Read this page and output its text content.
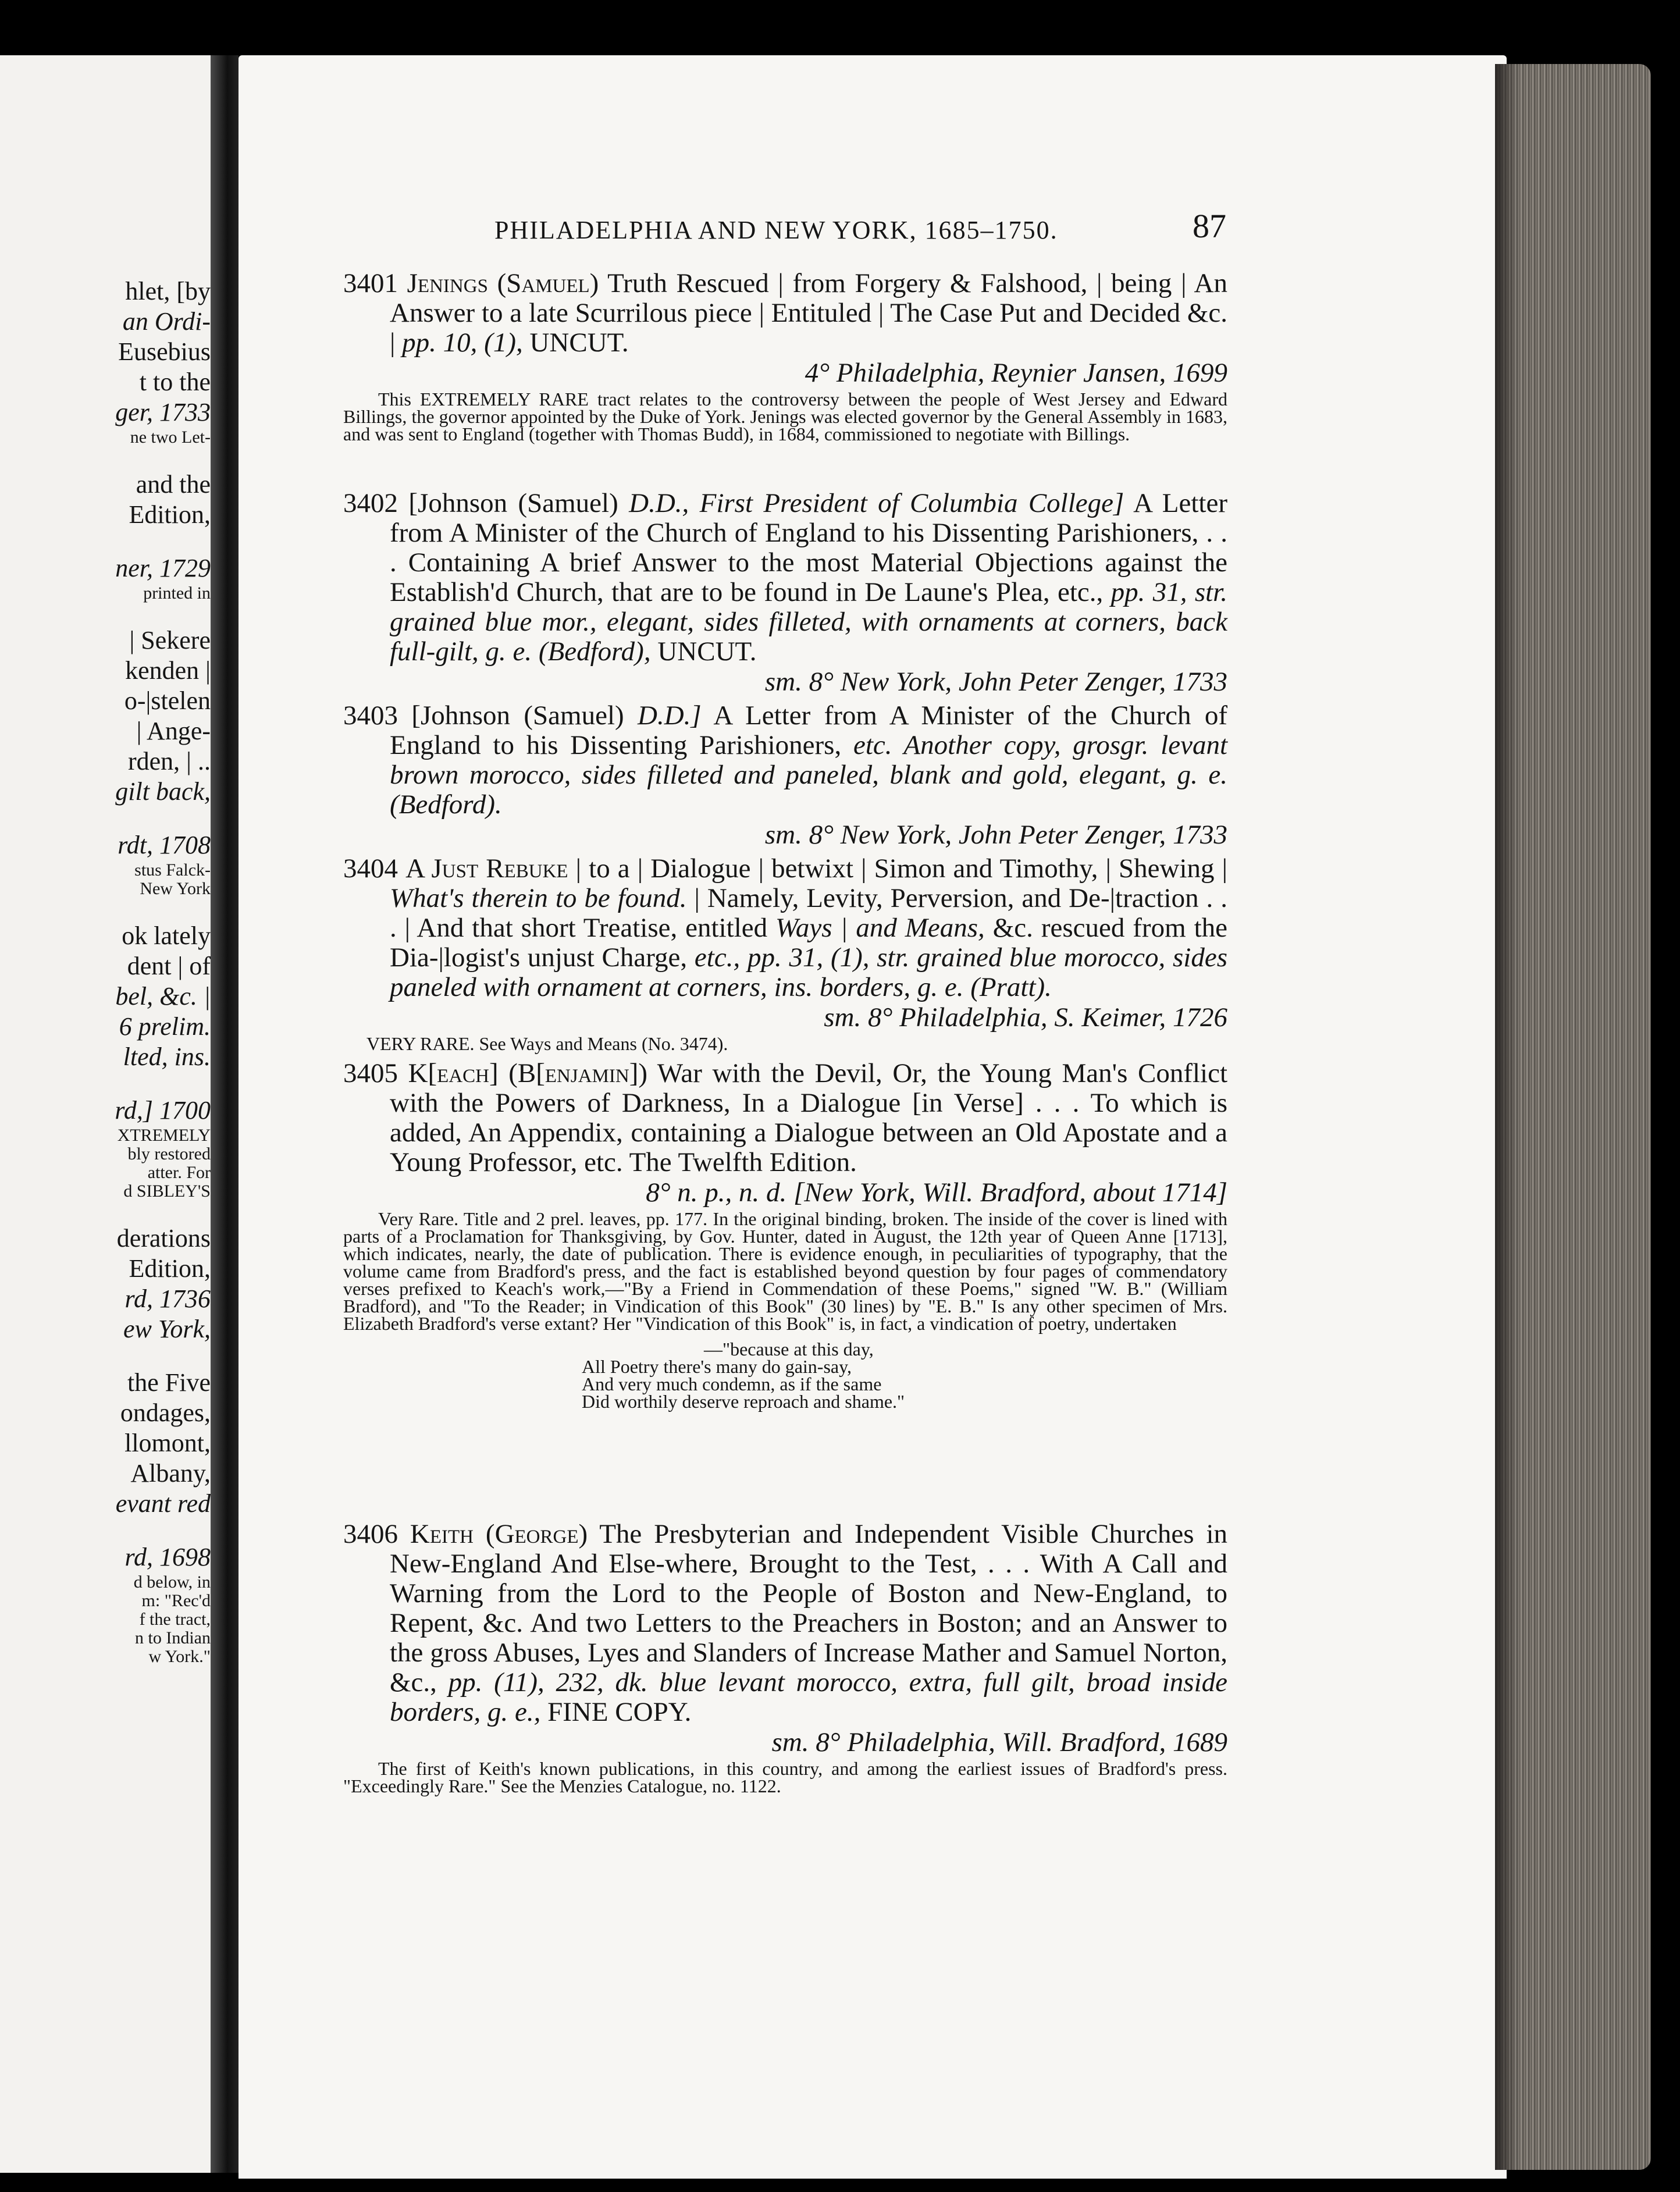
hlet, [by
an Ordi-
Eusebius
t to the
ger, 1733
ne two Let-
and the
Edition,
ner, 1729
printed in
| Sekere
kenden |
o-|stelen
| Ange-
rden, | ..
gilt back,
rdt, 1708
stus Falck-
New York
ok lately
dent | of
bel, &c. |
6 prelim.
lted, ins.
rd,] 1700
XTREMELY
bly restored
atter. For
d SIBLEY'S
derations
Edition,
rd, 1736
ew York,
the Five
ondages,
llomont,
Albany,
evant red
rd, 1698
d below, in
m: "Rec'd
f the tract,
n to Indian
w York."
PHILADELPHIA AND NEW YORK, 1685–1750.	87

3401 Jenings (Samuel) Truth Rescued | from Forgery & Falshood, | being | An Answer to a late Scurrilous piece | Entituled | The Case Put and Decided &c. | pp. 10, (1), UNCUT.

4° Philadelphia, Reynier Jansen, 1699

This EXTREMELY RARE tract relates to the controversy between the people of West Jersey and Edward Billings, the governor appointed by the Duke of York. Jenings was elected governor by the General Assembly in 1683, and was sent to England (together with Thomas Budd), in 1684, commissioned to negotiate with Billings.

3402 [Johnson (Samuel) D.D., First President of Columbia College] A Letter from A Minister of the Church of England to his Dissenting Parishioners, . . . Containing A brief Answer to the most Material Objections against the Establish'd Church, that are to be found in De Laune's Plea, etc., pp. 31, str. grained blue mor., elegant, sides filleted, with ornaments at corners, back full-gilt, g. e. (Bedford), UNCUT.

sm. 8° New York, John Peter Zenger, 1733

3403 [Johnson (Samuel) D.D.] A Letter from A Minister of the Church of England to his Dissenting Parishioners, etc. Another copy, grosgr. levant brown morocco, sides filleted and paneled, blank and gold, elegant, g. e. (Bedford).

sm. 8° New York, John Peter Zenger, 1733

3404 A Just Rebuke | to a | Dialogue | betwixt | Simon and Timothy, | Shewing | What's therein to be found. | Namely, Levity, Perversion, and De-|traction . . . | And that short Treatise, entitled Ways | and Means, &c. rescued from the Dia-|logist's unjust Charge, etc., pp. 31, (1), str. grained blue morocco, sides paneled with ornament at corners, ins. borders, g. e. (Pratt).

sm. 8° Philadelphia, S. Keimer, 1726

VERY RARE. See Ways and Means (No. 3474).

3405 K[each] (B[enjamin]) War with the Devil, Or, the Young Man's Conflict with the Powers of Darkness, In a Dialogue [in Verse] . . . To which is added, An Appendix, containing a Dialogue between an Old Apostate and a Young Professor, etc. The Twelfth Edition.

8° n. p., n. d. [New York, Will. Bradford, about 1714]

Very Rare. Title and 2 prel. leaves, pp. 177. In the original binding, broken. The inside of the cover is lined with parts of a Proclamation for Thanksgiving, by Gov. Hunter, dated in August, the 12th year of Queen Anne [1713], which indicates, nearly, the date of publication. There is evidence enough, in peculiarities of typography, that the volume came from Bradford's press, and the fact is established beyond question by four pages of commendatory verses prefixed to Keach's work,—"By a Friend in Commendation of these Poems," signed "W. B." (William Bradford), and "To the Reader; in Vindication of this Book" (30 lines) by "E. B." Is any other specimen of Mrs. Elizabeth Bradford's verse extant? Her "Vindication of this Book" is, in fact, a vindication of poetry, undertaken

—"because at this day,
All Poetry there's many do gain-say,
And very much condemn, as if the same
Did worthily deserve reproach and shame."

3406 Keith (George) The Presbyterian and Independent Visible Churches in New-England And Else-where, Brought to the Test, . . . With A Call and Warning from the Lord to the People of Boston and New-England, to Repent, &c. And two Letters to the Preachers in Boston; and an Answer to the gross Abuses, Lyes and Slanders of Increase Mather and Samuel Norton, &c., pp. (11), 232, dk. blue levant morocco, extra, full gilt, broad inside borders, g. e., FINE COPY.

sm. 8° Philadelphia, Will. Bradford, 1689

The first of Keith's known publications, in this country, and among the earliest issues of Bradford's press. "Exceedingly Rare." See the Menzies Catalogue, no. 1122.
